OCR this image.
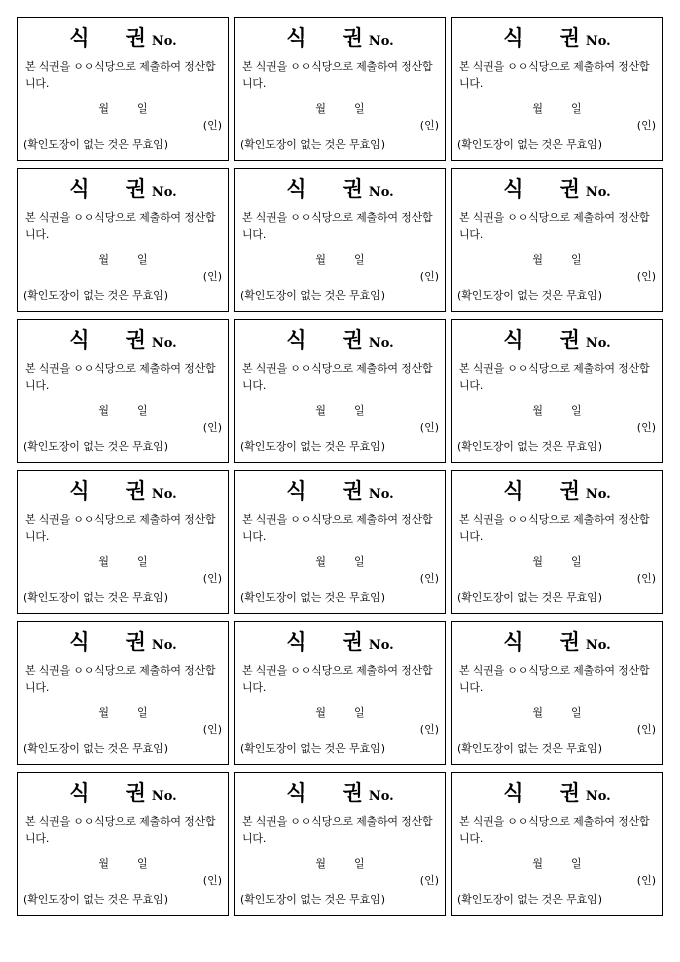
식 권 No.
본 식권을 ㅇㅇ식당으로 제출하여 정산합니다.
월	일
(인)
(확인도장이 없는 것은 무효임)
식 권 No.
본 식권을 ㅇㅇ식당으로 제출하여 정산합니다.
월	일
(인)
(확인도장이 없는 것은 무효임)
식 권 No.
본 식권을 ㅇㅇ식당으로 제출하여 정산합니다.
월	일
(인)
(확인도장이 없는 것은 무효임)
식 권 No.
본 식권을 ㅇㅇ식당으로 제출하여 정산합니다.
월	일
(인)
(확인도장이 없는 것은 무효임)
식 권 No.
본 식권을 ㅇㅇ식당으로 제출하여 정산합니다.
월	일
(인)
(확인도장이 없는 것은 무효임)
식 권 No.
본 식권을 ㅇㅇ식당으로 제출하여 정산합니다.
월	일
(인)
(확인도장이 없는 것은 무효임)
식 권 No.
본 식권을 ㅇㅇ식당으로 제출하여 정산합니다.
월	일
(인)
(확인도장이 없는 것은 무효임)
식 권 No.
본 식권을 ㅇㅇ식당으로 제출하여 정산합니다.
월	일
(인)
(확인도장이 없는 것은 무효임)
식 권 No.
본 식권을 ㅇㅇ식당으로 제출하여 정산합니다.
월	일
(인)
(확인도장이 없는 것은 무효임)
식 권 No.
본 식권을 ㅇㅇ식당으로 제출하여 정산합니다.
월	일
(인)
(확인도장이 없는 것은 무효임)
식 권 No.
본 식권을 ㅇㅇ식당으로 제출하여 정산합니다.
월	일
(인)
(확인도장이 없는 것은 무효임)
식 권 No.
본 식권을 ㅇㅇ식당으로 제출하여 정산합니다.
월	일
(인)
(확인도장이 없는 것은 무효임)
식 권 No.
본 식권을 ㅇㅇ식당으로 제출하여 정산합니다.
월	일
(인)
(확인도장이 없는 것은 무효임)
식 권 No.
본 식권을 ㅇㅇ식당으로 제출하여 정산합니다.
월	일
(인)
(확인도장이 없는 것은 무효임)
식 권 No.
본 식권을 ㅇㅇ식당으로 제출하여 정산합니다.
월	일
(인)
(확인도장이 없는 것은 무효임)
식 권 No.
본 식권을 ㅇㅇ식당으로 제출하여 정산합니다.
월	일
(인)
(확인도장이 없는 것은 무효임)
식 권 No.
본 식권을 ㅇㅇ식당으로 제출하여 정산합니다.
월	일
(인)
(확인도장이 없는 것은 무효임)
식 권 No.
본 식권을 ㅇㅇ식당으로 제출하여 정산합니다.
월	일
(인)
(확인도장이 없는 것은 무효임)
